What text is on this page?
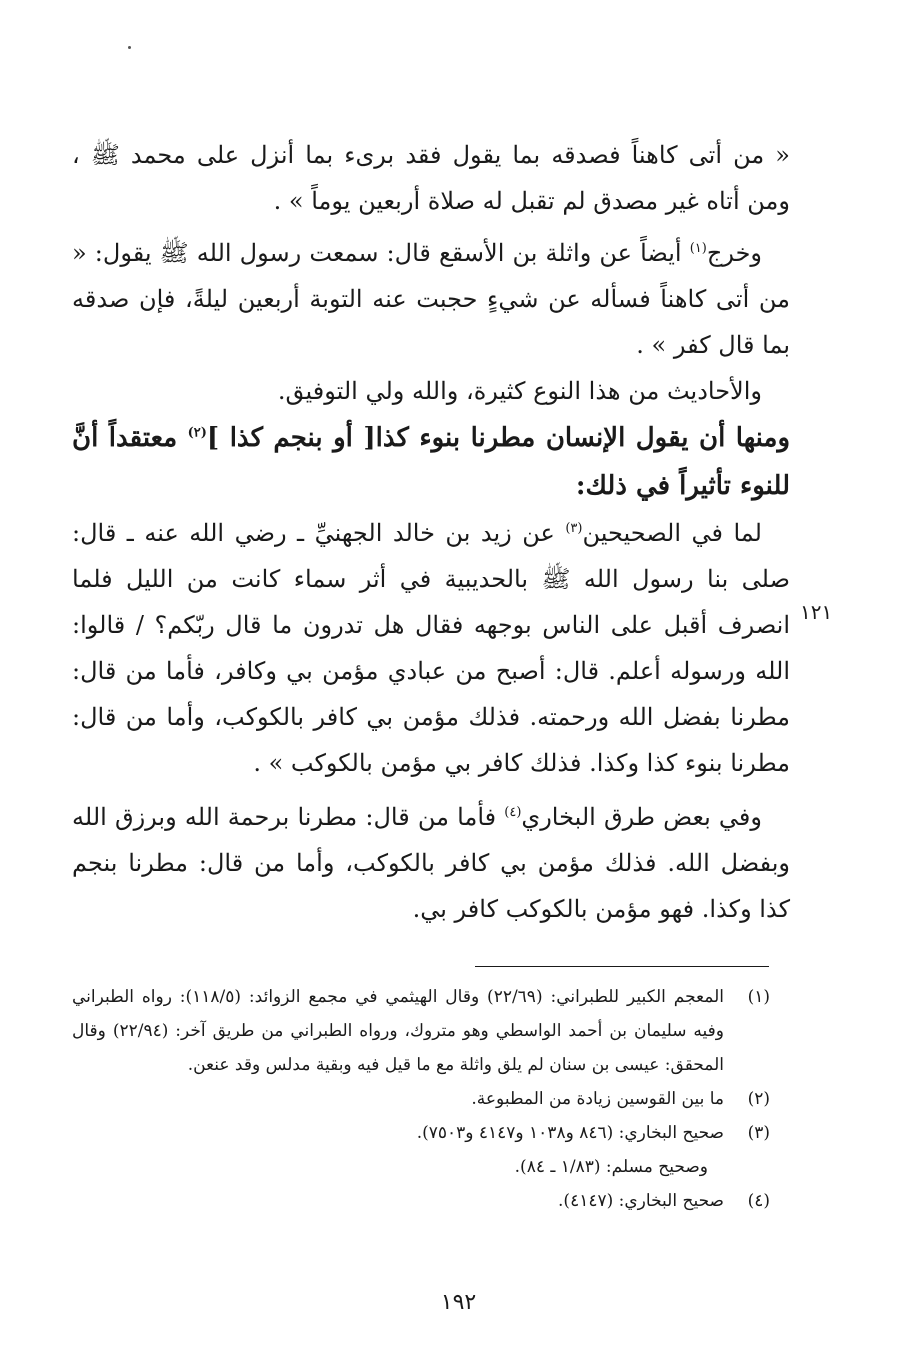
« من أتى كاهناً فصدقه بما يقول فقد برىء بما أنزل على محمد ﷺ ، ومن أتاه غير مصدق لم تقبل له صلاة أربعين يوماً » .

وخرج$^{(١)}$ أيضاً عن واثلة بن الأسقع قال: سمعت رسول الله ﷺ يقول: « من أتى كاهناً فسأله عن شيءٍ حجبت عنه التوبة أربعين ليلةً، فإن صدقه بما قال كفر » .

والأحاديث من هذا النوع كثيرة، والله ولي التوفيق.

ومنها أن يقول الإنسان مطرنا بنوء كذا[ أو بنجم كذا ]$^{(٢)}$ معتقداً أنَّ للنوء تأثيراً في ذلك:

لما في الصحيحين$^{(٣)}$ عن زيد بن خالد الجهنيِّ ـ رضي الله عنه ـ قال: صلى بنا رسول الله ﷺ بالحديبية في أثر سماء كانت من الليل فلما انصرف أقبل على الناس بوجهه فقال هل تدرون ما قال ربّكم؟ / قالوا: الله ورسوله أعلم. قال: أصبح من عبادي مؤمن بي وكافر، فأما من قال: مطرنا بفضل الله ورحمته. فذلك مؤمن بي كافر بالكوكب، وأما من قال: مطرنا بنوء كذا وكذا. فذلك كافر بي مؤمن بالكوكب » .

وفي بعض طرق البخاري$^{(٤)}$ فأما من قال: مطرنا برحمة الله وبرزق الله وبفضل الله. فذلك مؤمن بي كافر بالكوكب، وأما من قال: مطرنا بنجم كذا وكذا. فهو مؤمن بالكوكب كافر بي.

١٢١
(١)
المعجم الكبير للطبراني: (٢٢/٦٩) وقال الهيثمي في مجمع الزوائد: (١١٨/٥): رواه الطبراني وفيه سليمان بن أحمد الواسطي وهو متروك، ورواه الطبراني من طريق آخر: (٢٢/٩٤) وقال المحقق: عيسى بن سنان لم يلق واثلة مع ما قيل فيه وبقية مدلس وقد عنعن.
(٢)
ما بين القوسين زيادة من المطبوعة.
(٣)
صحيح البخاري: (٨٤٦ و١٠٣٨ و٤١٤٧ و٧٥٠٣).
وصحيح مسلم: (١/٨٣ ـ ٨٤).
(٤)
صحيح البخاري: (٤١٤٧).
١٩٢
